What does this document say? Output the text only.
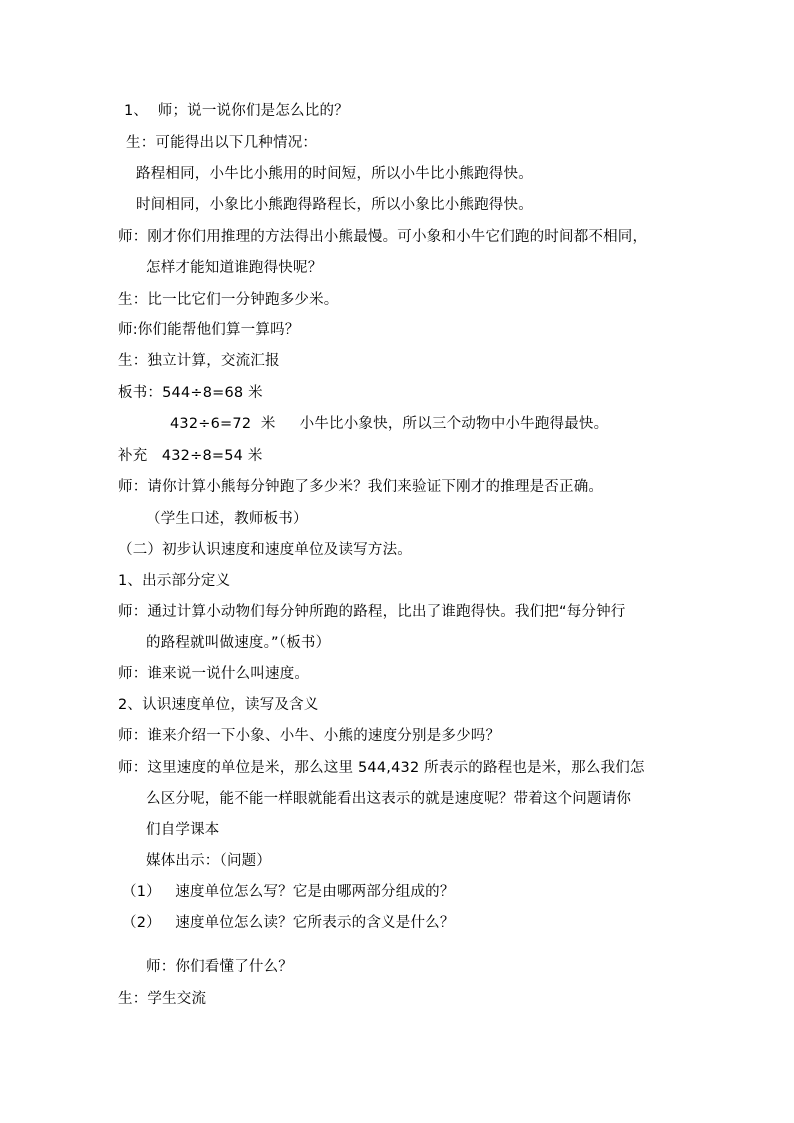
1、  师；说一说你们是怎么比的？
生：可能得出以下几种情况：
路程相同，小牛比小熊用的时间短，所以小牛比小熊跑得快。
时间相同，小象比小熊跑得路程长，所以小象比小熊跑得快。
师：刚才你们用推理的方法得出小熊最慢。可小象和小牛它们跑的时间都不相同，
怎样才能知道谁跑得快呢？
生：比一比它们一分钟跑多少米。
师:你们能帮他们算一算吗？
生：独立计算，交流汇报
板书：544÷8=68 米
432÷6=72  米     小牛比小象快，所以三个动物中小牛跑得最快。
补充   432÷8=54 米
师：请你计算小熊每分钟跑了多少米？我们来验证下刚才的推理是否正确。
（学生口述，教师板书）
（二）初步认识速度和速度单位及读写方法。
1、出示部分定义
师：通过计算小动物们每分钟所跑的路程，比出了谁跑得快。我们把“每分钟行
的路程就叫做速度。”（板书）
师：谁来说一说什么叫速度。
2、认识速度单位，读写及含义
师：谁来介绍一下小象、小牛、小熊的速度分别是多少吗？
师：这里速度的单位是米，那么这里 544,432 所表示的路程也是米，那么我们怎
么区分呢，能不能一样眼就能看出这表示的就是速度呢？带着这个问题请你
们自学课本
媒体出示：（问题）
（1）   速度单位怎么写？它是由哪两部分组成的？
（2）   速度单位怎么读？它所表示的含义是什么？
师：你们看懂了什么？
生：学生交流
